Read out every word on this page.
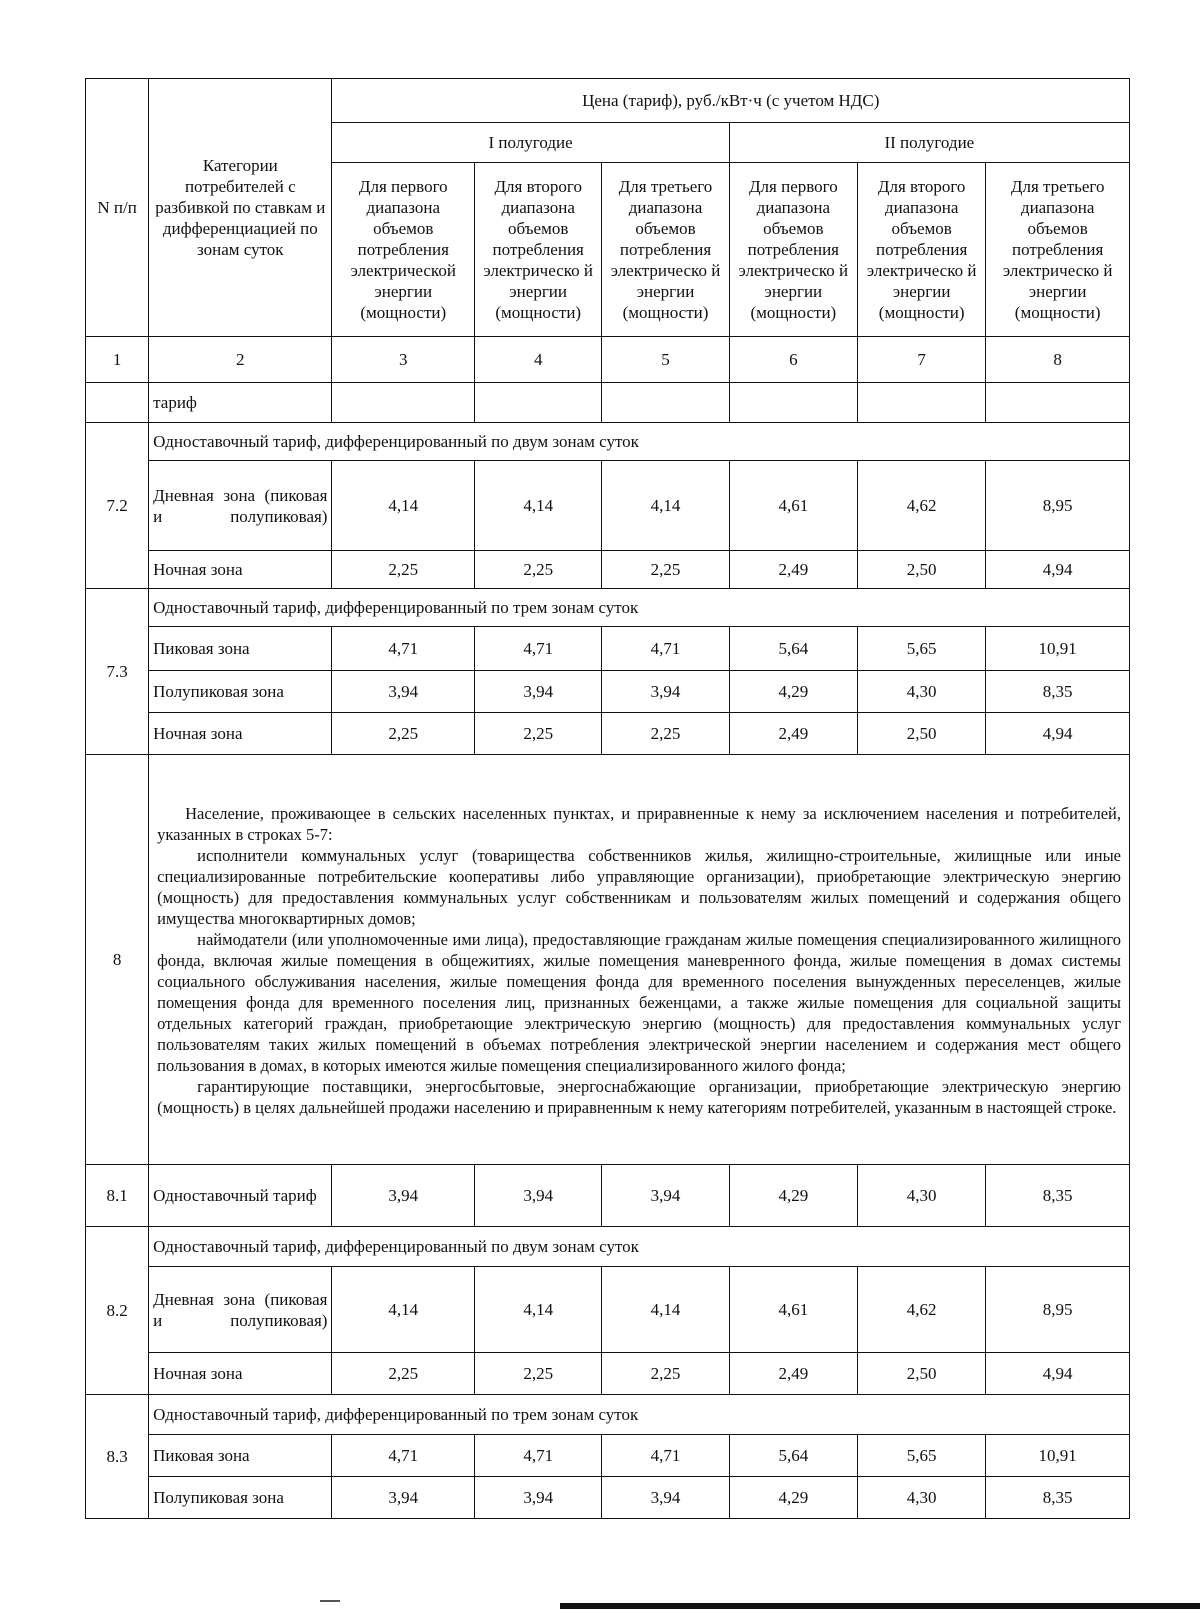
N п/п	Категории потребителей с разбивкой по ставкам и дифференциацией по зонам суток	Цена (тариф), руб./кВт·ч (с учетом НДС)					
		I полугодие			II полугодие		
		Для первого диапазона объемов потребления электрической энергии (мощности)	Для второго диапазона объемов потребления электрическо й энергии (мощности)	Для третьего диапазона объемов потребления электрическо й энергии (мощности)	Для первого диапазона объемов потребления электрическо й энергии (мощности)	Для второго диапазона объемов потребления электрическо й энергии (мощности)	Для третьего диапазона объемов потребления электрическо й энергии (мощности)
1	2	3	4	5	6	7	8
	тариф						
7.2	Одноставочный тариф, дифференцированный по двум зонам суток						
	Дневная зона (пиковая и полупиковая)	4,14	4,14	4,14	4,61	4,62	8,95
	Ночная зона	2,25	2,25	2,25	2,49	2,50	4,94
7.3	Одноставочный тариф, дифференцированный по трем зонам суток						
	Пиковая зона	4,71	4,71	4,71	5,64	5,65	10,91
	Полупиковая зона	3,94	3,94	3,94	4,29	4,30	8,35
	Ночная зона	2,25	2,25	2,25	2,49	2,50	4,94
8	Население, проживающее в сельских населенных пунктах, и приравненные к нему за исключением населения и потребителей, указанных в строках 5-7:

исполнители коммунальных услуг (товарищества собственников жилья, жилищно-строительные, жилищные или иные специализированные потребительские кооперативы либо управляющие организации), приобретающие электрическую энергию (мощность) для предоставления коммунальных услуг собственникам и пользователям жилых помещений и содержания общего имущества многоквартирных домов;

наймодатели (или уполномоченные ими лица), предоставляющие гражданам жилые помещения специализированного жилищного фонда, включая жилые помещения в общежитиях, жилые помещения маневренного фонда, жилые помещения в домах системы социального обслуживания населения, жилые помещения фонда для временного поселения вынужденных переселенцев, жилые помещения фонда для временного поселения лиц, признанных беженцами, а также жилые помещения для социальной защиты отдельных категорий граждан, приобретающие электрическую энергию (мощность) для предоставления коммунальных услуг пользователям таких жилых помещений в объемах потребления электрической энергии населением и содержания мест общего пользования в домах, в которых имеются жилые помещения специализированного жилого фонда;

гарантирующие поставщики, энергосбытовые, энергоснабжающие организации, приобретающие электрическую энергию (мощность) в целях дальнейшей продажи населению и приравненным к нему категориям потребителей, указанным в настоящей строке.						

8.1	Одноставочный тариф	3,94	3,94	3,94	4,29	4,30	8,35
8.2	Одноставочный тариф, дифференцированный по двум зонам суток						
	Дневная зона (пиковая и полупиковая)	4,14	4,14	4,14	4,61	4,62	8,95
	Ночная зона	2,25	2,25	2,25	2,49	2,50	4,94
8.3	Одноставочный тариф, дифференцированный по трем зонам суток						
	Пиковая зона	4,71	4,71	4,71	5,64	5,65	10,91
	Полупиковая зона	3,94	3,94	3,94	4,29	4,30	8,35
